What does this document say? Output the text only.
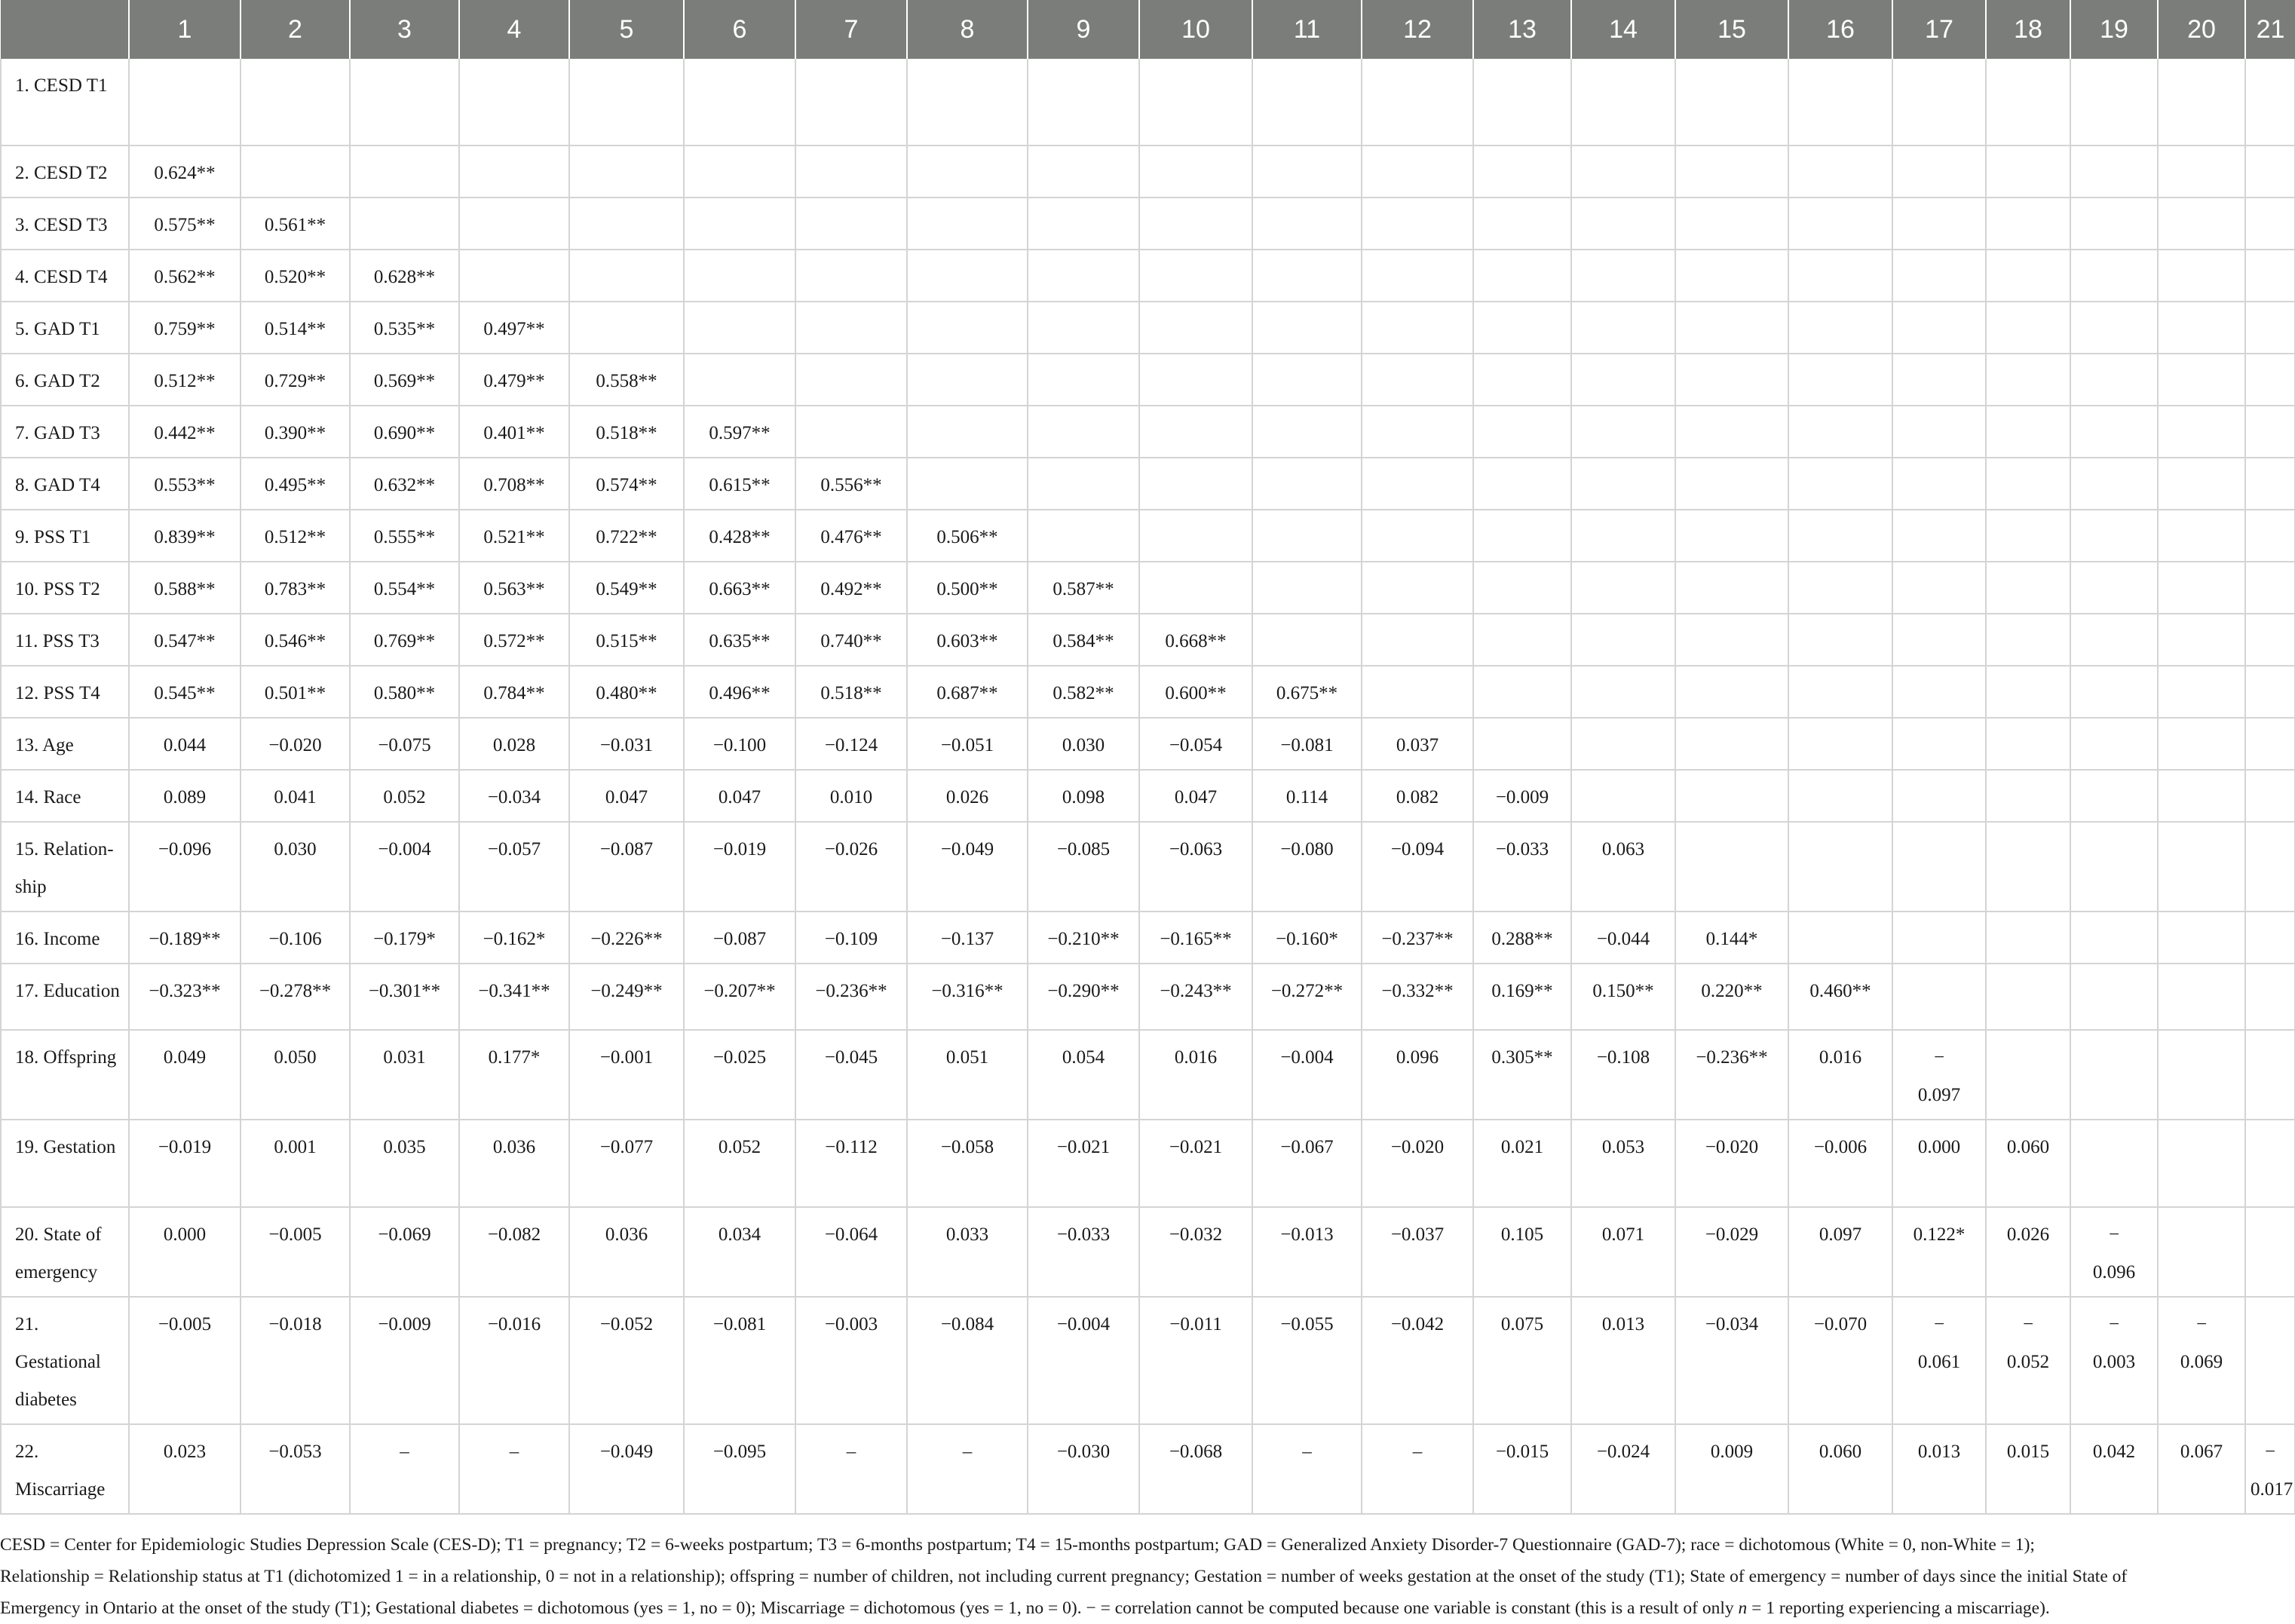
	1	2	3	4	5	6	7	8	9	10	11	12	13	14	15	16	17	18	19	20	21
1. CESD T1																					
2. CESD T2	0.624**																				
3. CESD T3	0.575**	0.561**																			
4. CESD T4	0.562**	0.520**	0.628**																		
5. GAD T1	0.759**	0.514**	0.535**	0.497**																	
6. GAD T2	0.512**	0.729**	0.569**	0.479**	0.558**																
7. GAD T3	0.442**	0.390**	0.690**	0.401**	0.518**	0.597**															
8. GAD T4	0.553**	0.495**	0.632**	0.708**	0.574**	0.615**	0.556**														
9. PSS T1	0.839**	0.512**	0.555**	0.521**	0.722**	0.428**	0.476**	0.506**													
10. PSS T2	0.588**	0.783**	0.554**	0.563**	0.549**	0.663**	0.492**	0.500**	0.587**												
11. PSS T3	0.547**	0.546**	0.769**	0.572**	0.515**	0.635**	0.740**	0.603**	0.584**	0.668**											
12. PSS T4	0.545**	0.501**	0.580**	0.784**	0.480**	0.496**	0.518**	0.687**	0.582**	0.600**	0.675**										
13. Age	0.044	−0.020	−0.075	0.028	−0.031	−0.100	−0.124	−0.051	0.030	−0.054	−0.081	0.037									
14. Race	0.089	0.041	0.052	−0.034	0.047	0.047	0.010	0.026	0.098	0.047	0.114	0.082	−0.009								
15. Relation-ship	−0.096	0.030	−0.004	−0.057	−0.087	−0.019	−0.026	−0.049	−0.085	−0.063	−0.080	−0.094	−0.033	0.063							
16. Income	−0.189**	−0.106	−0.179*	−0.162*	−0.226**	−0.087	−0.109	−0.137	−0.210**	−0.165**	−0.160*	−0.237**	0.288**	−0.044	0.144*						
17. Education	−0.323**	−0.278**	−0.301**	−0.341**	−0.249**	−0.207**	−0.236**	−0.316**	−0.290**	−0.243**	−0.272**	−0.332**	0.169**	0.150**	0.220**	0.460**					
18. Offspring	0.049	0.050	0.031	0.177*	−0.001	−0.025	−0.045	0.051	0.054	0.016	−0.004	0.096	0.305**	−0.108	−0.236**	0.016	− 0.097				
19. Gestation	−0.019	0.001	0.035	0.036	−0.077	0.052	−0.112	−0.058	−0.021	−0.021	−0.067	−0.020	0.021	0.053	−0.020	−0.006	0.000	0.060			
20. State of emergency	0.000	−0.005	−0.069	−0.082	0.036	0.034	−0.064	0.033	−0.033	−0.032	−0.013	−0.037	0.105	0.071	−0.029	0.097	0.122*	0.026	− 0.096		
21. Gestational diabetes	−0.005	−0.018	−0.009	−0.016	−0.052	−0.081	−0.003	−0.084	−0.004	−0.011	−0.055	−0.042	0.075	0.013	−0.034	−0.070	− 0.061	− 0.052	− 0.003	− 0.069	
22. Miscarriage	0.023	−0.053	–	–	−0.049	−0.095	–	–	−0.030	−0.068	–	–	−0.015	−0.024	0.009	0.060	0.013	0.015	0.042	0.067	− 0.017
CESD = Center for Epidemiologic Studies Depression Scale (CES-D); T1 = pregnancy; T2 = 6-weeks postpartum; T3 = 6-months postpartum; T4 = 15-months postpartum; GAD = Generalized Anxiety Disorder-7 Questionnaire (GAD-7); race = dichotomous (White = 0, non-White = 1);
Relationship = Relationship status at T1 (dichotomized 1 = in a relationship, 0 = not in a relationship); offspring = number of children, not including current pregnancy; Gestation = number of weeks gestation at the onset of the study (T1); State of emergency = number of days since the initial State of
Emergency in Ontario at the onset of the study (T1); Gestational diabetes = dichotomous (yes = 1, no = 0); Miscarriage = dichotomous (yes = 1, no = 0). − = correlation cannot be computed because one variable is constant (this is a result of only n = 1 reporting experiencing a miscarriage).
